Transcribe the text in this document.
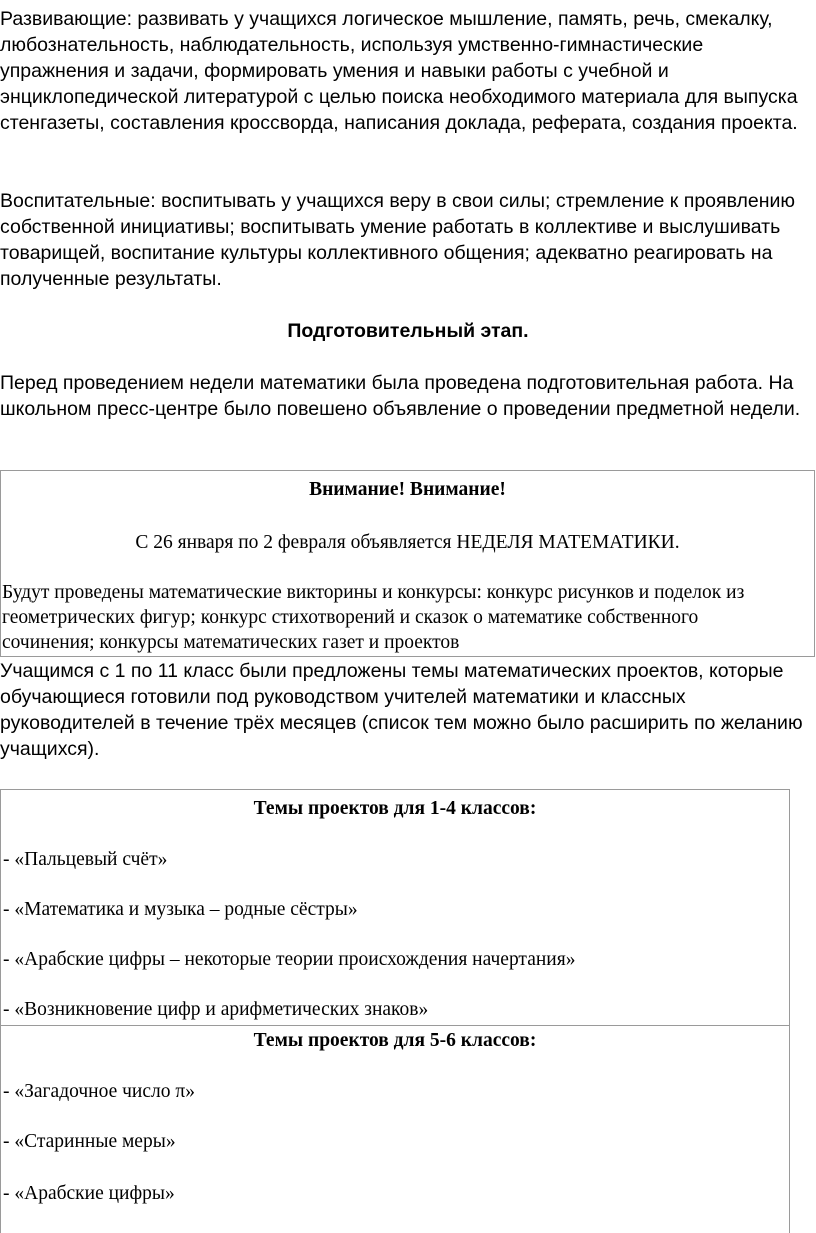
Развивающие: развивать у учащихся логическое мышление, память, речь, смекалку, любознательность, наблюдательность, используя умственно-гимнастические упражнения и задачи, формировать умения и навыки работы с учебной и энциклопедической литературой с целью поиска необходимого материала для выпуска стенгазеты, составления кроссворда, написания доклада, реферата, создания проекта.

Воспитательные: воспитывать у учащихся веру в свои силы; стремление к проявлению собственной инициативы; воспитывать умение работать в коллективе и выслушивать товарищей, воспитание культуры коллективного общения; адекватно реагировать на полученные результаты.

Подготовительный этап.

Перед проведением недели математики была проведена подготовительная работа. На школьном пресс-центре было повешено объявление о проведении предметной недели.

Внимание! Внимание!

С 26 января по 2 февраля объявляется НЕДЕЛЯ МАТЕМАТИКИ.

Будут проведены математические викторины и конкурсы: конкурс рисунков и поделок из

геометрических фигур; конкурс стихотворений и сказок о математике собственного

сочинения; конкурсы математических газет и проектов

Учащимся с 1 по 11 класс были предложены темы математических проектов, которые обучающиеся готовили под руководством учителей математики и классных руководителей в течение трёх месяцев (список тем можно было расширить по желанию учащихся).

Темы проектов для 1-4 классов:

- «Пальцевый счёт»

- «Математика и музыка – родные сёстры»

- «Арабские цифры – некоторые теории происхождения начертания»

- «Возникновение цифр и арифметических знаков»

Темы проектов для 5-6 классов:

- «Загадочное число π»

- «Старинные меры»

- «Арабские цифры»
